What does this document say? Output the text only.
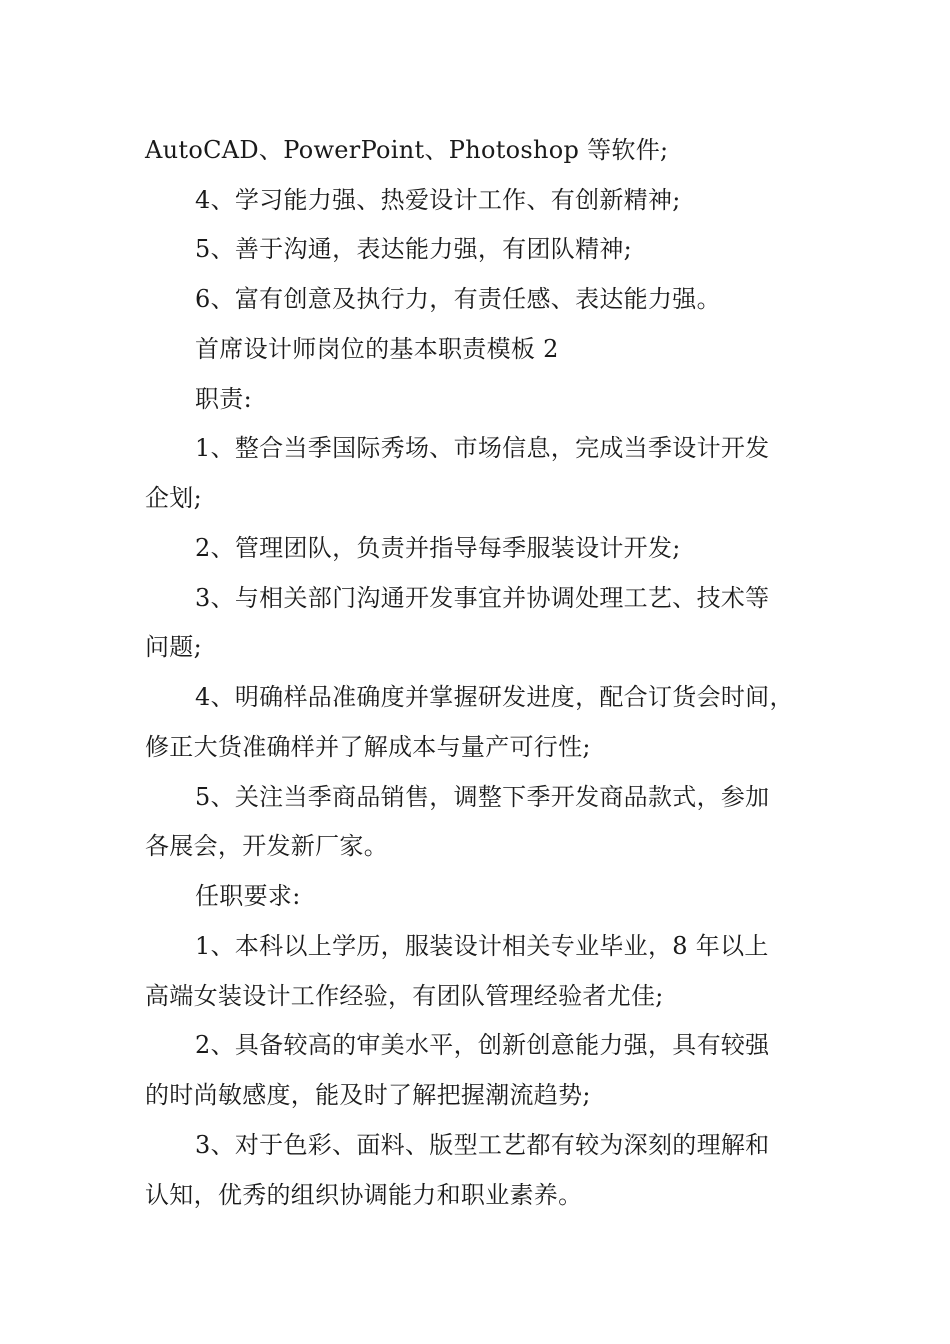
AutoCAD、PowerPoint、Photoshop 等软件;
4、学习能力强、热爱设计工作、有创新精神;
5、善于沟通，表达能力强，有团队精神;
6、富有创意及执行力，有责任感、表达能力强。
首席设计师岗位的基本职责模板 2
职责:
1、整合当季国际秀场、市场信息，完成当季设计开发
企划;
2、管理团队，负责并指导每季服装设计开发;
3、与相关部门沟通开发事宜并协调处理工艺、技术等
问题;
4、明确样品准确度并掌握研发进度，配合订货会时间，
修正大货准确样并了解成本与量产可行性;
5、关注当季商品销售，调整下季开发商品款式，参加
各展会，开发新厂家。
任职要求:
1、本科以上学历，服装设计相关专业毕业，8 年以上
高端女装设计工作经验，有团队管理经验者尤佳;
2、具备较高的审美水平，创新创意能力强，具有较强
的时尚敏感度，能及时了解把握潮流趋势;
3、对于色彩、面料、版型工艺都有较为深刻的理解和
认知，优秀的组织协调能力和职业素养。
